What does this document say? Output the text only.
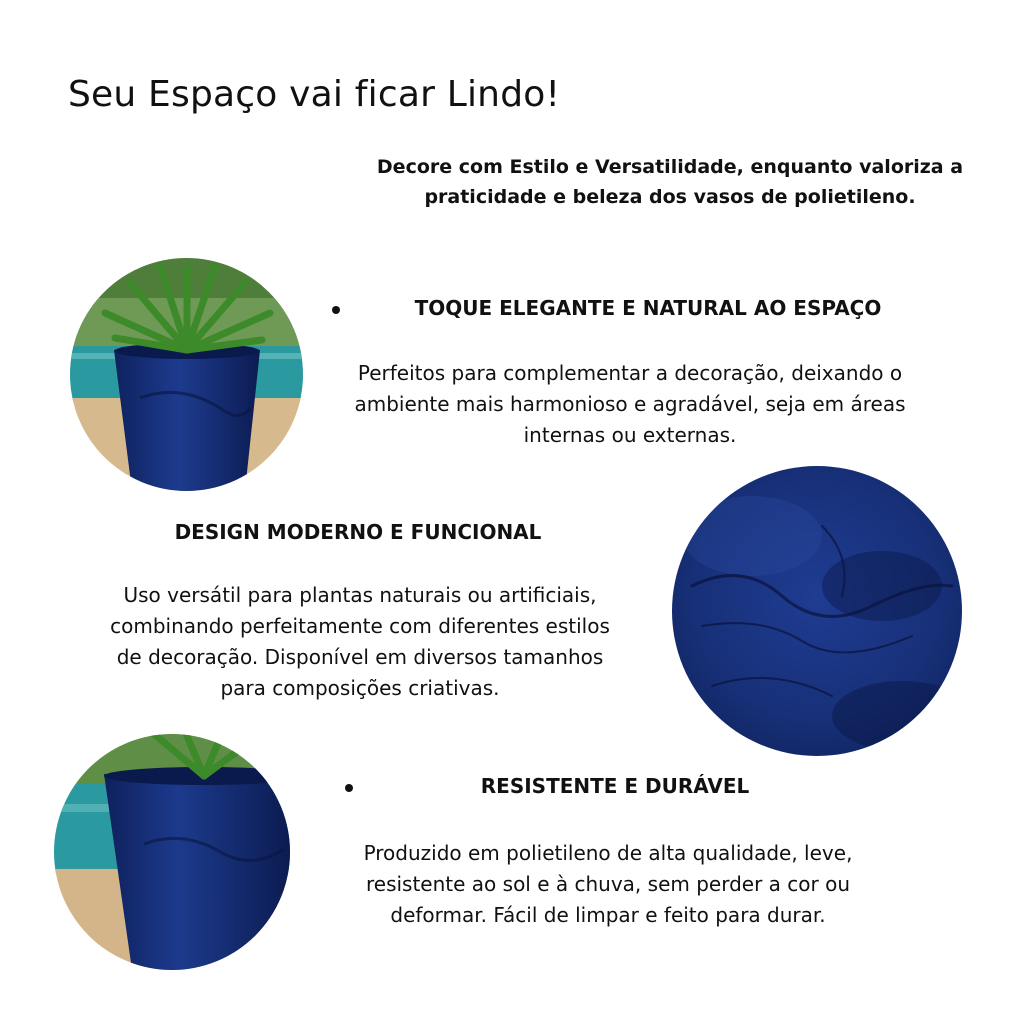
Seu Espaço vai ficar Lindo!
Decore com Estilo e Versatilidade, enquanto valoriza a
praticidade e beleza dos vasos de polietileno.
TOQUE ELEGANTE E NATURAL AO ESPAÇO
Perfeitos para complementar a decoração, deixando o
ambiente mais harmonioso e agradável, seja em áreas
internas ou externas.
DESIGN MODERNO E FUNCIONAL
Uso versátil para plantas naturais ou artificiais,
combinando perfeitamente com diferentes estilos
de decoração. Disponível em diversos tamanhos
para composições criativas.
RESISTENTE E DURÁVEL
Produzido em polietileno de alta qualidade, leve,
resistente ao sol e à chuva, sem perder a cor ou
deformar. Fácil de limpar e feito para durar.
